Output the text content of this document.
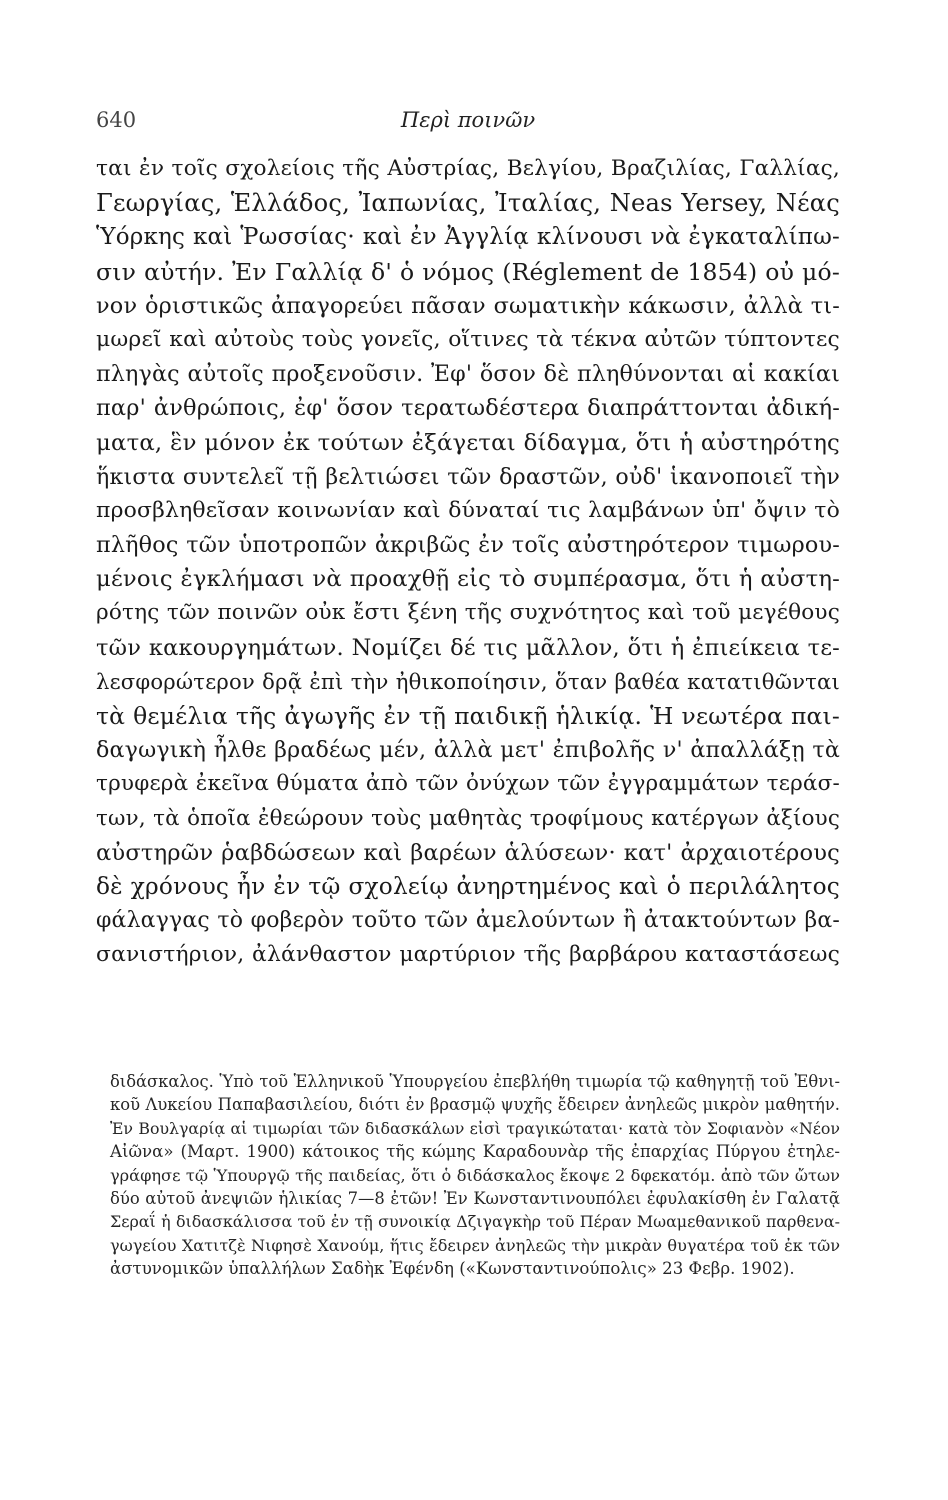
640	Περὶ ποινῶν
ται ἐν τοῖς σχολείοις τῆς Αὐστρίας, Βελγίου, Βραζιλίας, Γαλλίας,
Γεωργίας, Ἑλλάδος, Ἰαπωνίας, Ἰταλίας, Neas Yersey, Νέας
Ὑόρκης καὶ Ῥωσσίας· καὶ ἐν Ἀγγλίᾳ κλίνουσι νὰ ἐγκαταλίπω-
σιν αὐτήν. Ἐν Γαλλίᾳ δ' ὁ νόμος (Réglement de 1854) οὐ μό-
νον ὁριστικῶς ἀπαγορεύει πᾶσαν σωματικὴν κάκωσιν, ἀλλὰ τι-
μωρεῖ καὶ αὐτοὺς τοὺς γονεῖς, οἵτινες τὰ τέκνα αὐτῶν τύπτοντες
πληγὰς αὐτοῖς προξενοῦσιν. Ἐφ' ὅσον δὲ πληθύνονται αἱ κακίαι
παρ' ἀνθρώποις, ἐφ' ὅσον τερατωδέστερα διαπράττονται ἀδική-
ματα, ἓν μόνον ἐκ τούτων ἐξάγεται δίδαγμα, ὅτι ἡ αὐστηρότης
ἥκιστα συντελεῖ τῇ βελτιώσει τῶν δραστῶν, οὐδ' ἱκανοποιεῖ τὴν
προσβληθεῖσαν κοινωνίαν καὶ δύναταί τις λαμβάνων ὑπ' ὄψιν τὸ
πλῆθος τῶν ὑποτροπῶν ἀκριβῶς ἐν τοῖς αὐστηρότερον τιμωρου-
μένοις ἐγκλήμασι νὰ προαχθῇ εἰς τὸ συμπέρασμα, ὅτι ἡ αὐστη-
ρότης τῶν ποινῶν οὐκ ἔστι ξένη τῆς συχνότητος καὶ τοῦ μεγέθους
τῶν κακουργημάτων. Νομίζει δέ τις μᾶλλον, ὅτι ἡ ἐπιείκεια τε-
λεσφορώτερον δρᾷ ἐπὶ τὴν ἠθικοποίησιν, ὅταν βαθέα κατατιθῶνται
τὰ θεμέλια τῆς ἀγωγῆς ἐν τῇ παιδικῇ ἡλικίᾳ. Ἡ νεωτέρα παι-
δαγωγικὴ ἦλθε βραδέως μέν, ἀλλὰ μετ' ἐπιβολῆς ν' ἀπαλλάξῃ τὰ
τρυφερὰ ἐκεῖνα θύματα ἀπὸ τῶν ὀνύχων τῶν ἐγγραμμάτων τεράσ-
των, τὰ ὁποῖα ἐθεώρουν τοὺς μαθητὰς τροφίμους κατέργων ἀξίους
αὐστηρῶν ῥαβδώσεων καὶ βαρέων ἁλύσεων· κατ' ἀρχαιοτέρους
δὲ χρόνους ἦν ἐν τῷ σχολείῳ ἀνηρτημένος καὶ ὁ περιλάλητος
φάλαγγας τὸ φοβερὸν τοῦτο τῶν ἀμελούντων ἢ ἀτακτούντων βα-
σανιστήριον, ἀλάνθαστον μαρτύριον τῆς βαρβάρου καταστάσεως
διδάσκαλος. Ὑπὸ τοῦ Ἑλληνικοῦ Ὑπουργείου ἐπεβλήθη τιμωρία τῷ καθηγητῇ τοῦ Ἐθνι-
κοῦ Λυκείου Παπαβασιλείου, διότι ἐν βρασμῷ ψυχῆς ἔδειρεν ἀνηλεῶς μικρὸν μαθητήν.
Ἐν Βουλγαρίᾳ αἱ τιμωρίαι τῶν διδασκάλων εἰσὶ τραγικώταται· κατὰ τὸν Σοφιανὸν «Νέον
Αἰῶνα» (Μαρτ. 1900) κάτοικος τῆς κώμης Καραδουνὰρ τῆς ἐπαρχίας Πύργου ἐτηλε-
γράφησε τῷ Ὑπουργῷ τῆς παιδείας, ὅτι ὁ διδάσκαλος ἔκοψε 2 δφεκατόμ. ἀπὸ τῶν ὤτων
δύο αὐτοῦ ἀνεψιῶν ἡλικίας 7—8 ἐτῶν! Ἐν Κωνσταντινουπόλει ἐφυλακίσθη ἐν Γαλατᾷ
Σεραΐ ἡ διδασκάλισσα τοῦ ἐν τῇ συνοικίᾳ Δζιγαγκὴρ τοῦ Πέραν Μωαμεθανικοῦ παρθενα-
γωγείου Χατιτζὲ Νιφησὲ Χανούμ, ἥτις ἔδειρεν ἀνηλεῶς τὴν μικρὰν θυγατέρα τοῦ ἐκ τῶν
ἀστυνομικῶν ὑπαλλήλων Σαδὴκ Ἐφένδη («Κωνσταντινούπολις» 23 Φεβρ. 1902).
